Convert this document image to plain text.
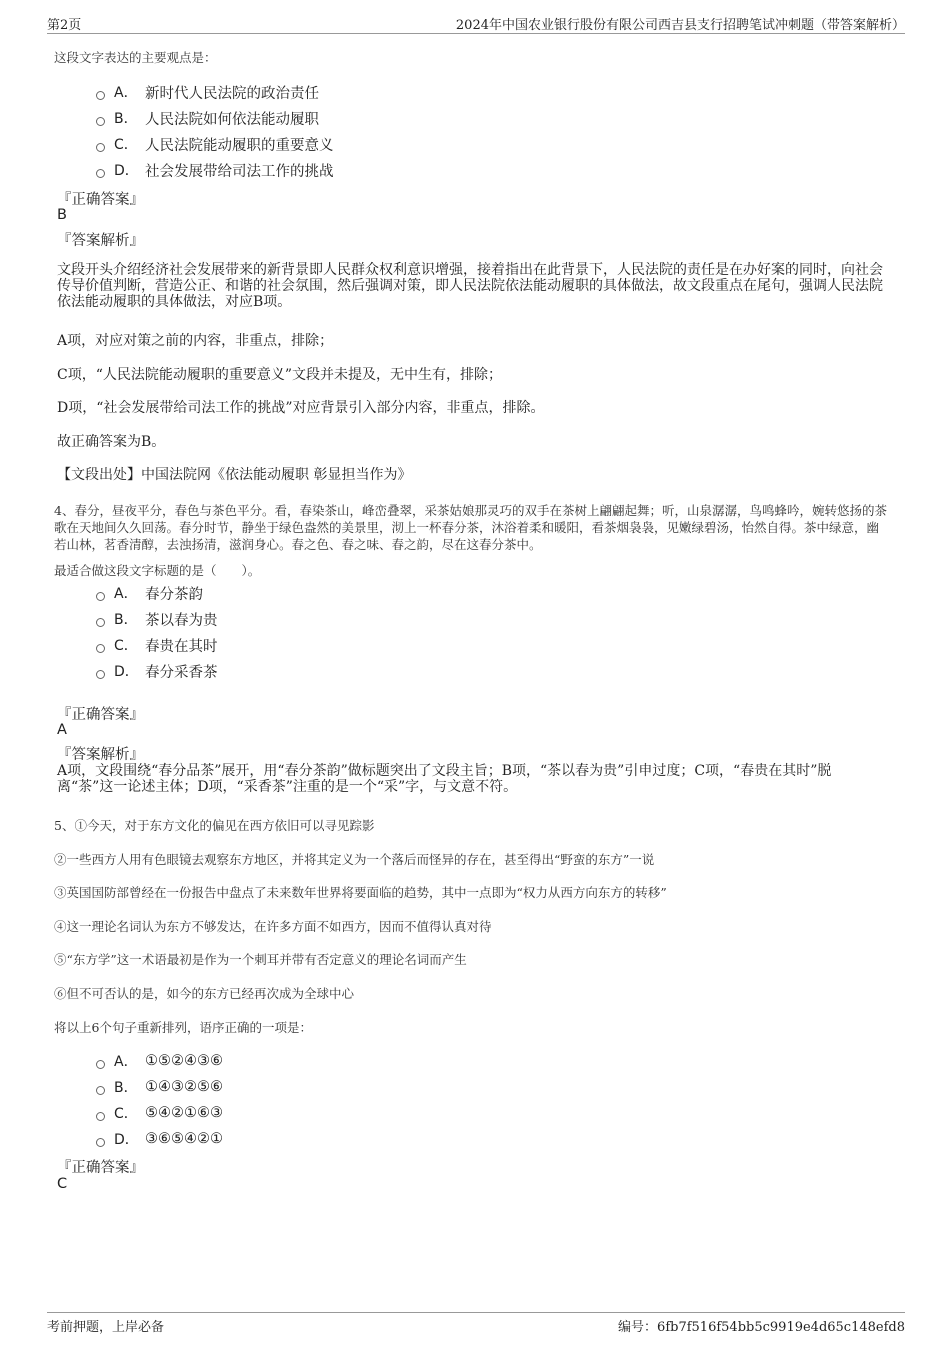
第2页	2024年中国农业银行股份有限公司西吉县支行招聘笔试冲刺题（带答案解析）
这段文字表达的主要观点是：
A． 新时代人民法院的政治责任
B． 人民法院如何依法能动履职
C． 人民法院能动履职的重要意义
D． 社会发展带给司法工作的挑战
『正确答案』
B
『答案解析』
文段开头介绍经济社会发展带来的新背景即人民群众权利意识增强，接着指出在此背景下，人民法院的责任是在办好案的同时，向社会传导价值判断，营造公正、和谐的社会氛围，然后强调对策，即人民法院依法能动履职的具体做法，故文段重点在尾句，强调人民法院依法能动履职的具体做法，对应B项。
A项，对应对策之前的内容，非重点，排除；
C项，“人民法院能动履职的重要意义”文段并未提及，无中生有，排除；
D项，“社会发展带给司法工作的挑战”对应背景引入部分内容，非重点，排除。
故正确答案为B。
【文段出处】中国法院网《依法能动履职 彰显担当作为》
4、春分，昼夜平分，春色与茶色平分。看，春染茶山，峰峦叠翠，采茶姑娘那灵巧的双手在茶树上翩翩起舞；听，山泉潺潺，鸟鸣蜂吟，婉转悠扬的茶歌在天地间久久回荡。春分时节，静坐于绿色盎然的美景里，沏上一杯春分茶，沐浴着柔和暖阳，看茶烟袅袅，见嫩绿碧汤，怡然自得。茶中绿意，幽若山林，茗香清醇，去浊扬清，滋润身心。春之色、春之味、春之韵，尽在这春分茶中。
最适合做这段文字标题的是（　　）。
A． 春分茶韵
B． 茶以春为贵
C． 春贵在其时
D． 春分采香茶
『正确答案』
A
『答案解析』
A项，文段围绕“春分品茶”展开，用“春分茶韵”做标题突出了文段主旨；B项，“茶以春为贵”引申过度；C项，“春贵在其时”脱离“茶”这一论述主体；D项，“采香茶”注重的是一个“采”字，与文意不符。
5、①今天，对于东方文化的偏见在西方依旧可以寻见踪影
②一些西方人用有色眼镜去观察东方地区，并将其定义为一个落后而怪异的存在，甚至得出“野蛮的东方”一说
③英国国防部曾经在一份报告中盘点了未来数年世界将要面临的趋势，其中一点即为“权力从西方向东方的转移”
④这一理论名词认为东方不够发达，在许多方面不如西方，因而不值得认真对待
⑤“东方学”这一术语最初是作为一个刺耳并带有否定意义的理论名词而产生
⑥但不可否认的是，如今的东方已经再次成为全球中心
将以上6个句子重新排列，语序正确的一项是：
A． ①⑤②④③⑥
B． ①④③②⑤⑥
C． ⑤④②①⑥③
D． ③⑥⑤④②①
『正确答案』
C
考前押题，上岸必备	编号：6fb7f516f54bb5c9919e4d65c148efd8
